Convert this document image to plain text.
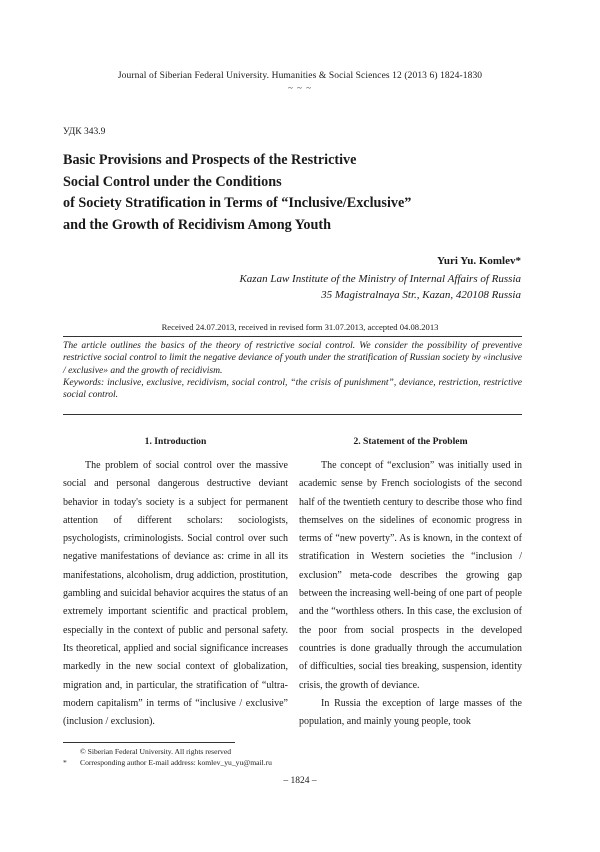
Journal of Siberian Federal University. Humanities & Social Sciences 12 (2013 6) 1824-1830
~ ~ ~
УДК 343.9
Basic Provisions and Prospects of the Restrictive
Social Control under the Conditions
of Society Stratification in Terms of “Inclusive/Exclusive”
and the Growth of Recidivism Among Youth
Yuri Yu. Komlev*
Kazan Law Institute of the Ministry of Internal Affairs of Russia
35 Magistralnaya Str., Kazan, 420108 Russia
Received 24.07.2013, received in revised form 31.07.2013, accepted 04.08.2013
The article outlines the basics of the theory of restrictive social control. We consider the possibility of preventive restrictive social control to limit the negative deviance of youth under the stratification of Russian society by «inclusive / exclusive» and the growth of recidivism.
Keywords: inclusive, exclusive, recidivism, social control, “the crisis of punishment”, deviance, restriction, restrictive social control.
1. Introduction	2. Statement of the Problem

The problem of social control over the massive social and personal dangerous destructive deviant behavior in today's society is a subject for permanent attention of different scholars: sociologists, psychologists, criminologists. Social control over such negative manifestations of deviance as: crime in all its manifestations, alcoholism, drug addiction, prostitution, gambling and suicidal behavior acquires the status of an extremely important scientific and practical problem, especially in the context of public and personal safety. Its theoretical, applied and social significance increases markedly in the new social context of globalization, migration and, in particular, the stratification of “ultra-modern capitalism” in terms of “inclusive / exclusive” (inclusion / exclusion).

The concept of “exclusion” was initially used in academic sense by French sociologists of the second half of the twentieth century to describe those who find themselves on the sidelines of economic progress in terms of “new poverty”. As is known, in the context of stratification in Western societies the “inclusion / exclusion” meta-code describes the growing gap between the increasing well-being of one part of people and the “worthless others. In this case, the exclusion of the poor from social prospects in the developed countries is done gradually through the accumulation of difficulties, social ties breaking, suspension, identity crisis, the growth of deviance.

In Russia the exception of large masses of the population, and mainly young people, took

© Siberian Federal University. All rights reserved
* Corresponding author E-mail address: komlev_yu_yu@mail.ru
– 1824 –
